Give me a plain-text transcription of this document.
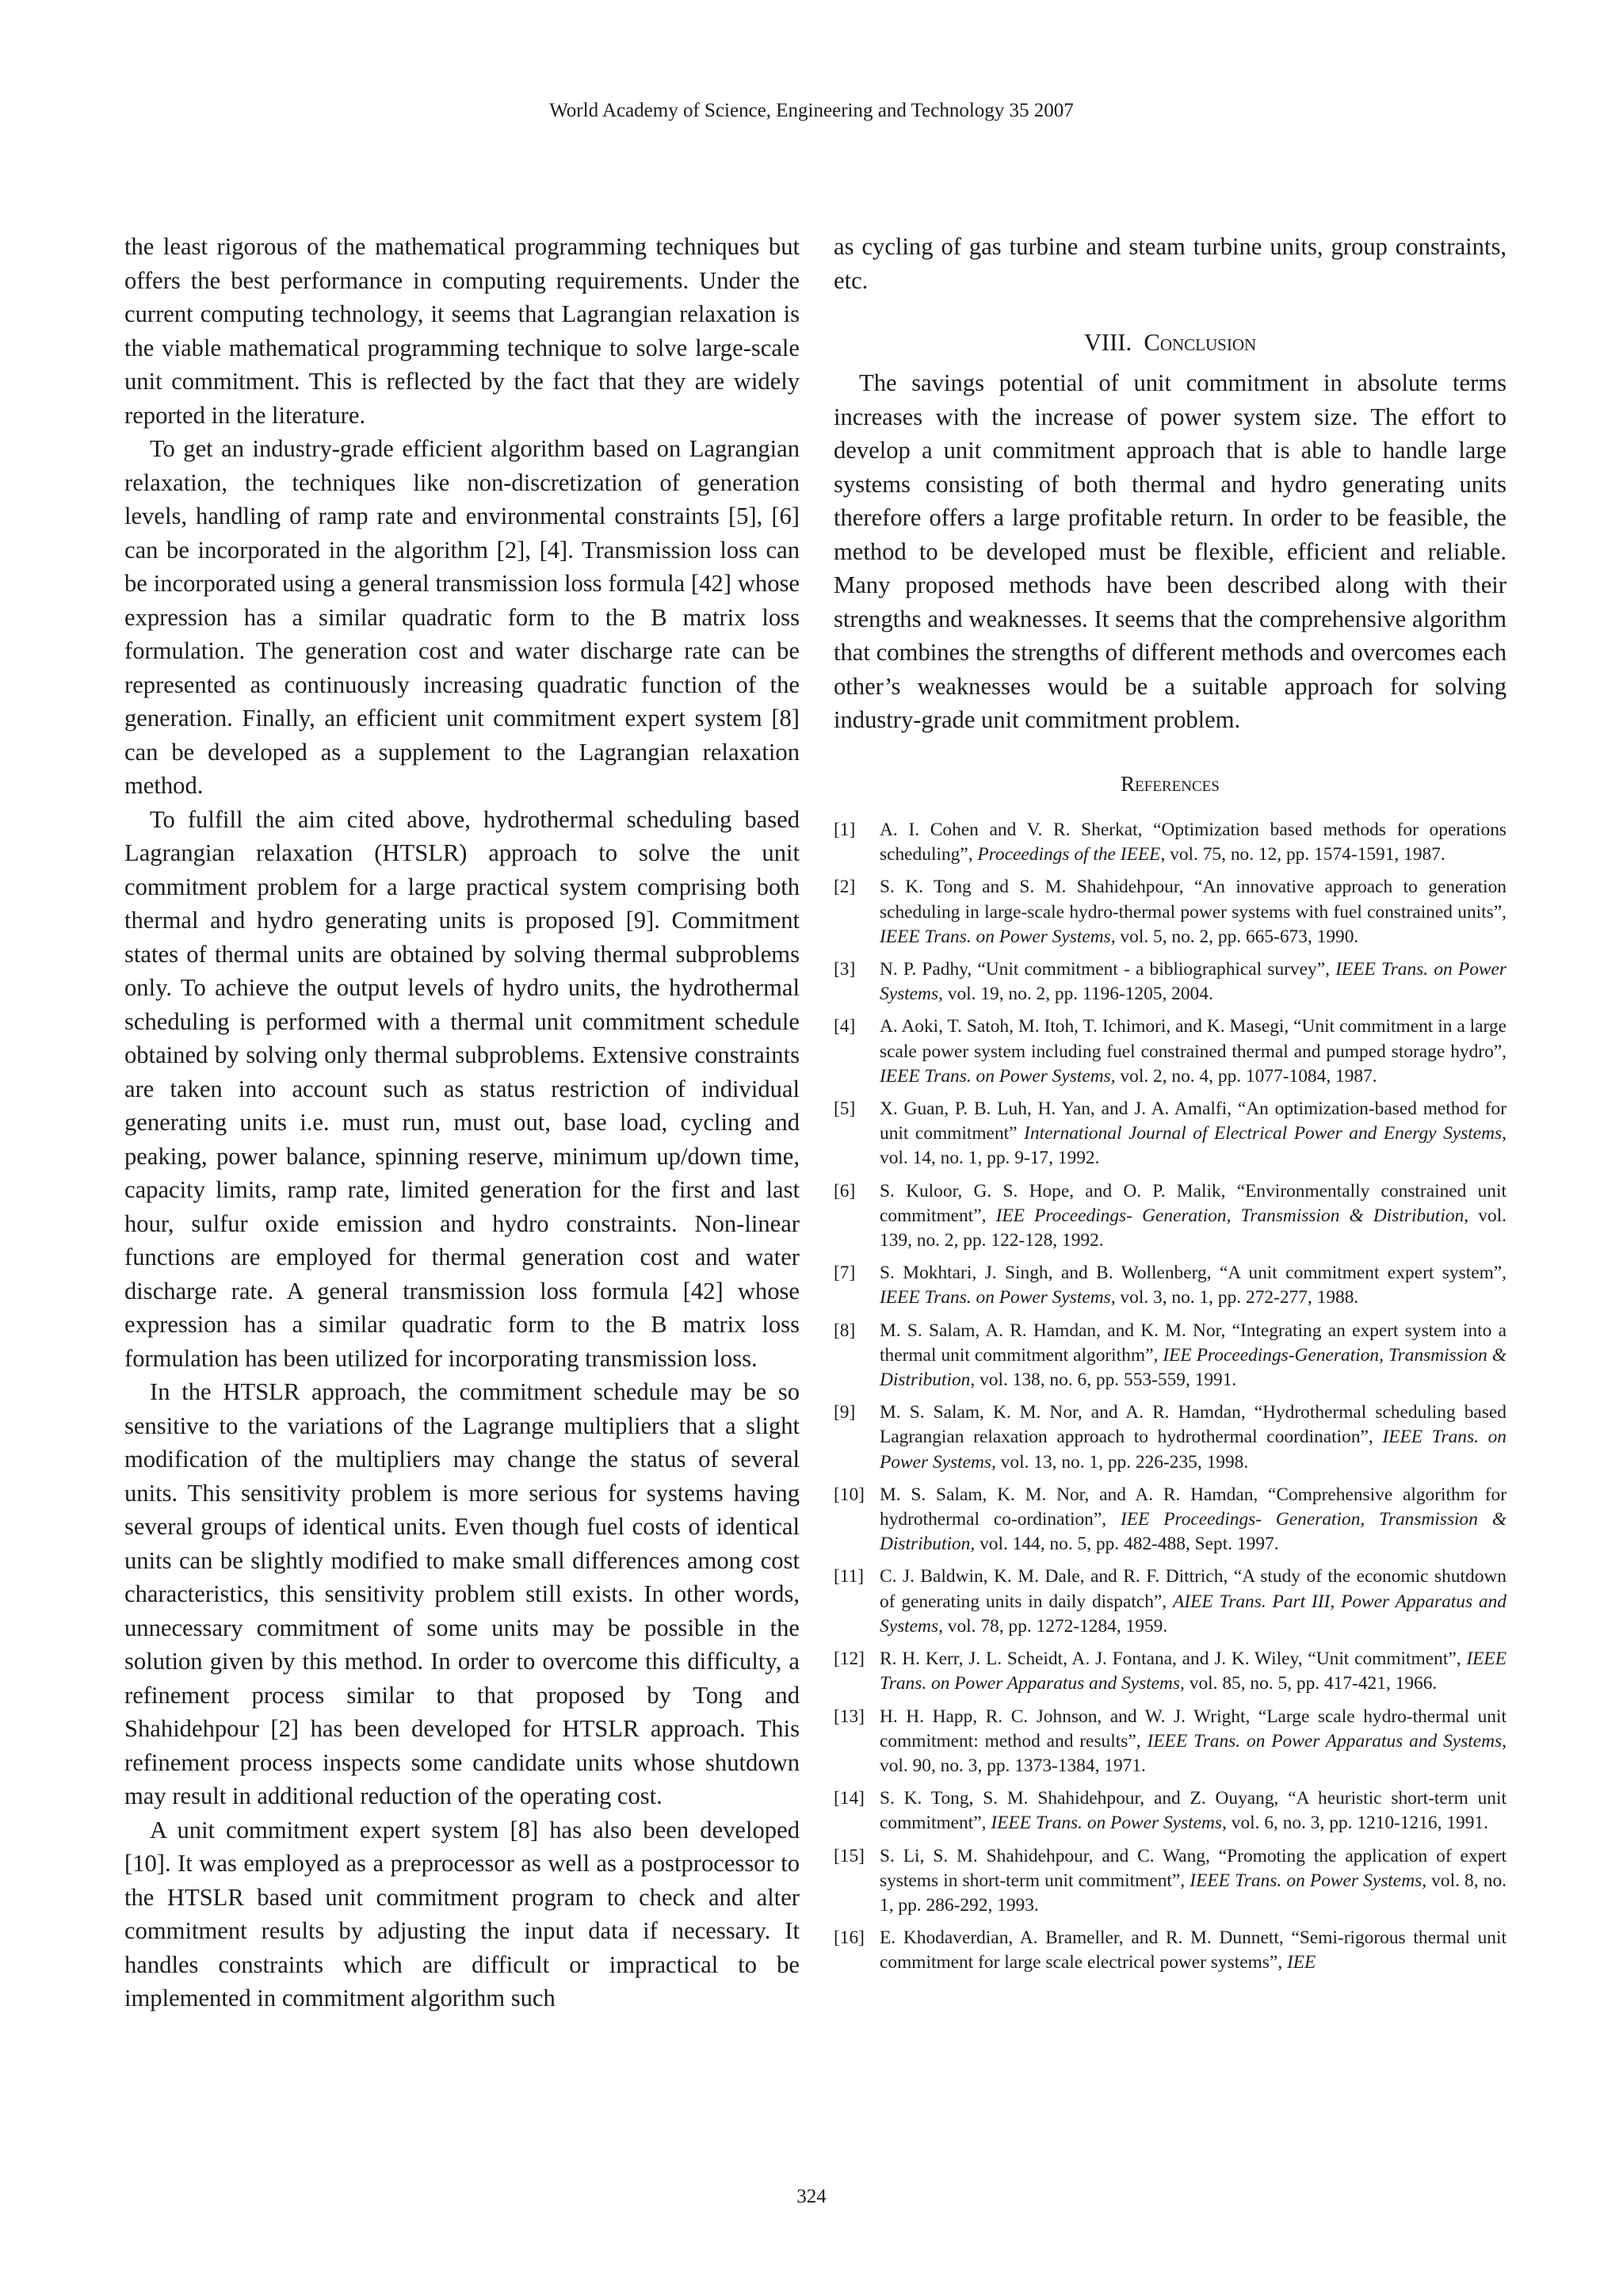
World Academy of Science, Engineering and Technology 35 2007

the least rigorous of the mathematical programming techniques but offers the best performance in computing requirements. Under the current computing technology, it seems that Lagrangian relaxation is the viable mathematical programming technique to solve large-scale unit commitment. This is reflected by the fact that they are widely reported in the literature.

To get an industry-grade efficient algorithm based on Lagrangian relaxation, the techniques like non-discretization of generation levels, handling of ramp rate and environmental constraints [5], [6] can be incorporated in the algorithm [2], [4]. Transmission loss can be incorporated using a general transmission loss formula [42] whose expression has a similar quadratic form to the B matrix loss formulation. The generation cost and water discharge rate can be represented as continuously increasing quadratic function of the generation. Finally, an efficient unit commitment expert system [8] can be developed as a supplement to the Lagrangian relaxation method.

To fulfill the aim cited above, hydrothermal scheduling based Lagrangian relaxation (HTSLR) approach to solve the unit commitment problem for a large practical system comprising both thermal and hydro generating units is proposed [9]. Commitment states of thermal units are obtained by solving thermal subproblems only. To achieve the output levels of hydro units, the hydrothermal scheduling is performed with a thermal unit commitment schedule obtained by solving only thermal subproblems. Extensive constraints are taken into account such as status restriction of individual generating units i.e. must run, must out, base load, cycling and peaking, power balance, spinning reserve, minimum up/down time, capacity limits, ramp rate, limited generation for the first and last hour, sulfur oxide emission and hydro constraints. Non-linear functions are employed for thermal generation cost and water discharge rate. A general transmission loss formula [42] whose expression has a similar quadratic form to the B matrix loss formulation has been utilized for incorporating transmission loss.

In the HTSLR approach, the commitment schedule may be so sensitive to the variations of the Lagrange multipliers that a slight modification of the multipliers may change the status of several units. This sensitivity problem is more serious for systems having several groups of identical units. Even though fuel costs of identical units can be slightly modified to make small differences among cost characteristics, this sensitivity problem still exists. In other words, unnecessary commitment of some units may be possible in the solution given by this method. In order to overcome this difficulty, a refinement process similar to that proposed by Tong and Shahidehpour [2] has been developed for HTSLR approach. This refinement process inspects some candidate units whose shutdown may result in additional reduction of the operating cost.

A unit commitment expert system [8] has also been developed [10]. It was employed as a preprocessor as well as a postprocessor to the HTSLR based unit commitment program to check and alter commitment results by adjusting the input data if necessary. It handles constraints which are difficult or impractical to be implemented in commitment algorithm such

as cycling of gas turbine and steam turbine units, group constraints, etc.

VIII. Conclusion

The savings potential of unit commitment in absolute terms increases with the increase of power system size. The effort to develop a unit commitment approach that is able to handle large systems consisting of both thermal and hydro generating units therefore offers a large profitable return. In order to be feasible, the method to be developed must be flexible, efficient and reliable. Many proposed methods have been described along with their strengths and weaknesses. It seems that the comprehensive algorithm that combines the strengths of different methods and overcomes each other’s weaknesses would be a suitable approach for solving industry-grade unit commitment problem.

References
[1]	A. I. Cohen and V. R. Sherkat, “Optimization based methods for operations scheduling”, Proceedings of the IEEE, vol. 75, no. 12, pp. 1574-1591, 1987.
[2]	S. K. Tong and S. M. Shahidehpour, “An innovative approach to generation scheduling in large-scale hydro-thermal power systems with fuel constrained units”, IEEE Trans. on Power Systems, vol. 5, no. 2, pp. 665-673, 1990.
[3]	N. P. Padhy, “Unit commitment - a bibliographical survey”, IEEE Trans. on Power Systems, vol. 19, no. 2, pp. 1196-1205, 2004.
[4]	A. Aoki, T. Satoh, M. Itoh, T. Ichimori, and K. Masegi, “Unit commitment in a large scale power system including fuel constrained thermal and pumped storage hydro”, IEEE Trans. on Power Systems, vol. 2, no. 4, pp. 1077-1084, 1987.
[5]	X. Guan, P. B. Luh, H. Yan, and J. A. Amalfi, “An optimization-based method for unit commitment” International Journal of Electrical Power and Energy Systems, vol. 14, no. 1, pp. 9-17, 1992.
[6]	S. Kuloor, G. S. Hope, and O. P. Malik, “Environmentally constrained unit commitment”, IEE Proceedings- Generation, Transmission & Distribution, vol. 139, no. 2, pp. 122-128, 1992.
[7]	S. Mokhtari, J. Singh, and B. Wollenberg, “A unit commitment expert system”, IEEE Trans. on Power Systems, vol. 3, no. 1, pp. 272-277, 1988.
[8]	M. S. Salam, A. R. Hamdan, and K. M. Nor, “Integrating an expert system into a thermal unit commitment algorithm”, IEE Proceedings-Generation, Transmission & Distribution, vol. 138, no. 6, pp. 553-559, 1991.
[9]	M. S. Salam, K. M. Nor, and A. R. Hamdan, “Hydrothermal scheduling based Lagrangian relaxation approach to hydrothermal coordination”, IEEE Trans. on Power Systems, vol. 13, no. 1, pp. 226-235, 1998.
[10] M. S. Salam, K. M. Nor, and A. R. Hamdan, “Comprehensive algorithm for hydrothermal co-ordination”, IEE Proceedings- Generation, Transmission & Distribution, vol. 144, no. 5, pp. 482-488, Sept. 1997.
[11] C. J. Baldwin, K. M. Dale, and R. F. Dittrich, “A study of the economic shutdown of generating units in daily dispatch”, AIEE Trans. Part III, Power Apparatus and Systems, vol. 78, pp. 1272-1284, 1959.
[12] R. H. Kerr, J. L. Scheidt, A. J. Fontana, and J. K. Wiley, “Unit commitment”, IEEE Trans. on Power Apparatus and Systems, vol. 85, no. 5, pp. 417-421, 1966.
[13] H. H. Happ, R. C. Johnson, and W. J. Wright, “Large scale hydro-thermal unit commitment: method and results”, IEEE Trans. on Power Apparatus and Systems, vol. 90, no. 3, pp. 1373-1384, 1971.
[14] S. K. Tong, S. M. Shahidehpour, and Z. Ouyang, “A heuristic short-term unit commitment”, IEEE Trans. on Power Systems, vol. 6, no. 3, pp. 1210-1216, 1991.
[15] S. Li, S. M. Shahidehpour, and C. Wang, “Promoting the application of expert systems in short-term unit commitment”, IEEE Trans. on Power Systems, vol. 8, no. 1, pp. 286-292, 1993.
[16] E. Khodaverdian, A. Brameller, and R. M. Dunnett, “Semi-rigorous thermal unit commitment for large scale electrical power systems”, IEE
324
